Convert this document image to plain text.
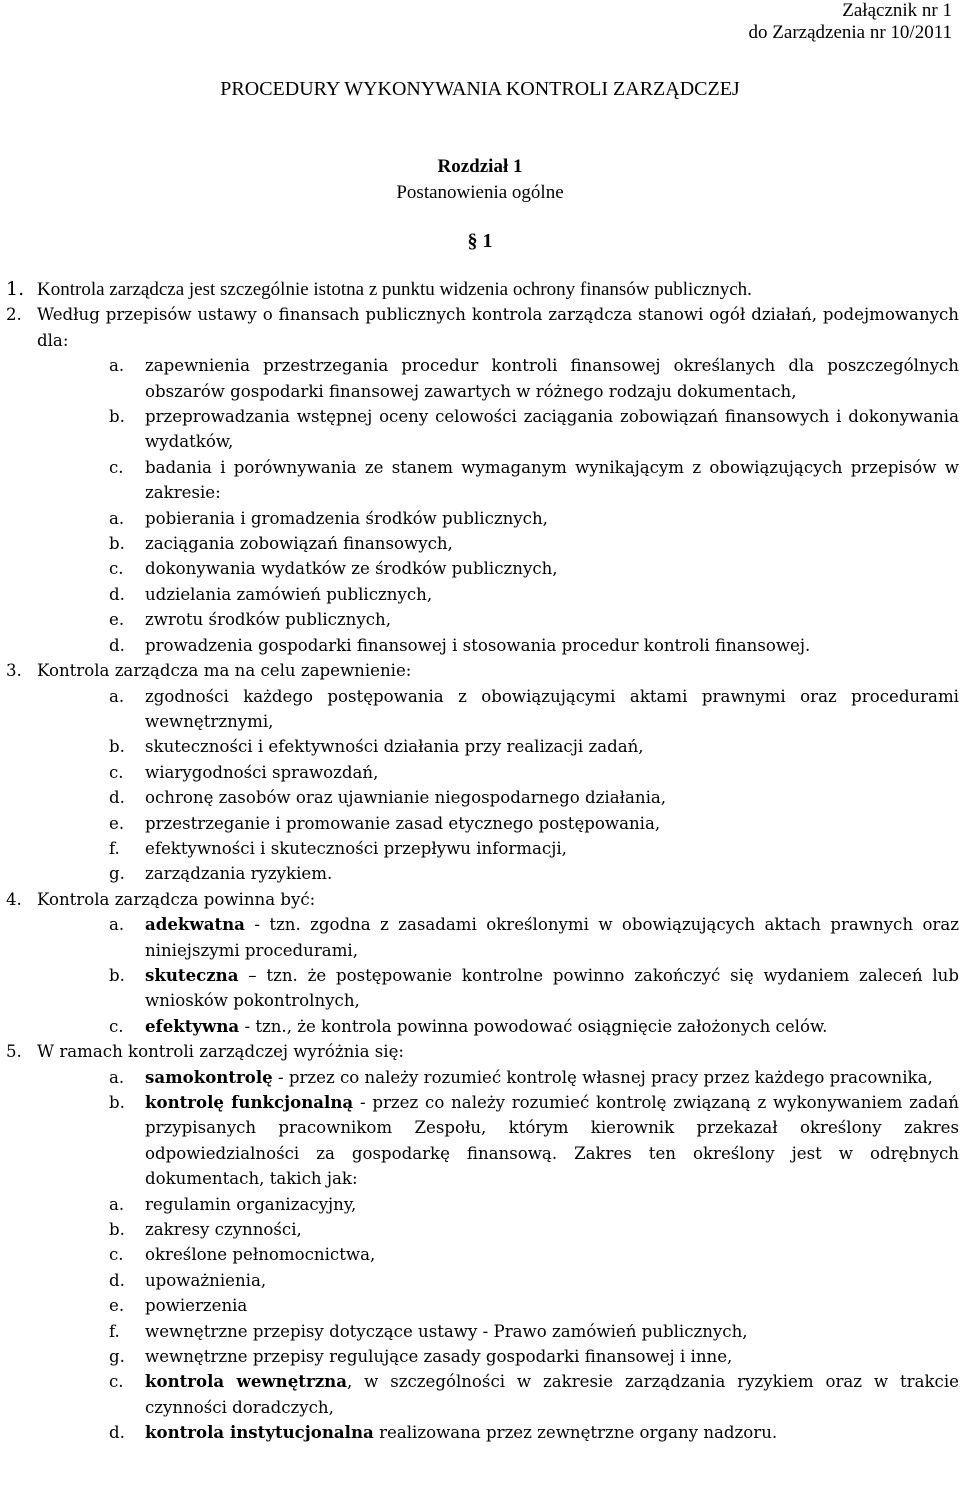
Załącznik nr 1
do Zarządzenia nr 10/2011
PROCEDURY WYKONYWANIA KONTROLI ZARZĄDCZEJ
Rozdział 1
Postanowienia ogólne
§ 1
1. Kontrola zarządcza jest szczególnie istotna z punktu widzenia ochrony finansów publicznych.
2. Według przepisów ustawy o finansach publicznych kontrola zarządcza stanowi ogół działań, podejmowanych dla:
a.	zapewnienia przestrzegania procedur kontroli finansowej określanych dla poszczególnych obszarów gospodarki finansowej zawartych w różnego rodzaju dokumentach,
b.	przeprowadzania wstępnej oceny celowości zaciągania zobowiązań finansowych i dokonywania wydatków,
c.	badania i porównywania ze stanem wymaganym wynikającym z obowiązujących przepisów w zakresie:
a.	pobierania i gromadzenia środków publicznych,
b.	zaciągania zobowiązań finansowych,
c.	dokonywania wydatków ze środków publicznych,
d.	udzielania zamówień publicznych,
e.	zwrotu środków publicznych,
d.	prowadzenia gospodarki finansowej i stosowania procedur kontroli finansowej.
3. Kontrola zarządcza ma na celu zapewnienie:
a.	zgodności każdego postępowania z obowiązującymi aktami prawnymi oraz procedurami wewnętrznymi,
b.	skuteczności i efektywności działania przy realizacji zadań,
c.	wiarygodności sprawozdań,
d.	ochronę zasobów oraz ujawnianie niegospodarnego działania,
e.	przestrzeganie i promowanie zasad etycznego postępowania,
f.	efektywności i skuteczności przepływu informacji,
g.	zarządzania ryzykiem.
4. Kontrola zarządcza powinna być:
a.	adekwatna - tzn. zgodna z zasadami określonymi w obowiązujących aktach prawnych oraz niniejszymi procedurami,
b.	skuteczna – tzn. że postępowanie kontrolne powinno zakończyć się wydaniem zaleceń lub wniosków pokontrolnych,
c.	efektywna - tzn., że kontrola powinna powodować osiągnięcie założonych celów.
5. W ramach kontroli zarządczej wyróżnia się:
a.	samokontrolę - przez co należy rozumieć kontrolę własnej pracy przez każdego pracownika,
b.	kontrolę funkcjonalną - przez co należy rozumieć kontrolę związaną z wykonywaniem zadań przypisanych pracownikom Zespołu, którym kierownik przekazał określony zakres odpowiedzialności za gospodarkę finansową. Zakres ten określony jest w odrębnych dokumentach, takich jak:
a.	regulamin organizacyjny,
b.	zakresy czynności,
c.	określone pełnomocnictwa,
d.	upoważnienia,
e.	powierzenia
f.	wewnętrzne przepisy dotyczące ustawy - Prawo zamówień publicznych,
g.	wewnętrzne przepisy regulujące zasady gospodarki finansowej i inne,
c.	kontrola wewnętrzna, w szczególności w zakresie zarządzania ryzykiem oraz w trakcie czynności doradczych,
d.	kontrola instytucjonalna realizowana przez zewnętrzne organy nadzoru.
